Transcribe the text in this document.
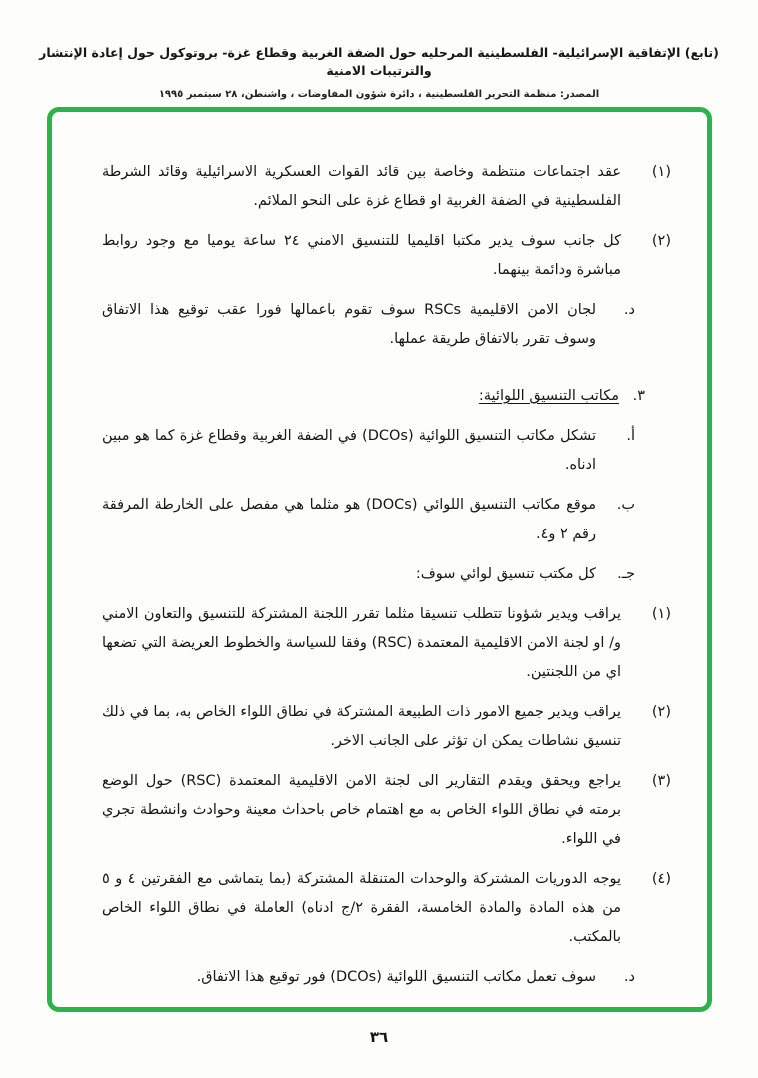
(تابع) الإتفاقية الإسرائيلية- الفلسطينية المرحليه حول الضفة الغربية وقطاع غزة- بروتوكول حول إعادة الإنتشار والترتيبات الامنية
المصدر: منظمة التحرير الفلسطينية ، دائرة شؤون المفاوضات ، واشنطن، ٢٨ سبتمبر ١٩٩٥
(١)
عقد اجتماعات منتظمة وخاصة بين قائد القوات العسكرية الاسرائيلية وقائد الشرطة الفلسطينية في الضفة الغربية او قطاع غزة على النحو الملائم.
(٢)
كل جانب سوف يدير مكتبا اقليميا للتنسيق الامني ٢٤ ساعة يوميا مع وجود روابط مباشرة ودائمة بينهما.
د.
لجان الامن الاقليمية RSCs سوف تقوم باعمالها فورا عقب توقيع هذا الاتفاق وسوف تقرر بالاتفاق طريقة عملها.
٣.
مكاتب التنسيق اللوائية:
أ.
تشكل مكاتب التنسيق اللوائية (DCOs) في الضفة الغربية وقطاع غزة كما هو مبين ادناه.
ب.
موقع مكاتب التنسيق اللوائي (DOCs) هو مثلما هي مفصل على الخارطة المرفقة رقم ٢ و٤.
جـ.
كل مكتب تنسيق لوائي سوف:
(١)
يراقب ويدير شؤونا تتطلب تنسيقا مثلما تقرر اللجنة المشتركة للتنسيق والتعاون الامني و/ او لجنة الامن الاقليمية المعتمدة (RSC) وفقا للسياسة والخطوط العريضة التي تضعها اي من اللجنتين.
(٢)
يراقب ويدير جميع الامور ذات الطبيعة المشتركة في نطاق اللواء الخاص به، بما في ذلك تنسيق نشاطات يمكن ان تؤثر على الجانب الاخر.
(٣)
يراجع ويحقق ويقدم التقارير الى لجنة الامن الاقليمية المعتمدة (RSC) حول الوضع برمته في نطاق اللواء الخاص به مع اهتمام خاص باحداث معينة وحوادث وانشطة تجري في اللواء.
(٤)
يوجه الدوريات المشتركة والوحدات المتنقلة المشتركة (بما يتماشى مع الفقرتين ٤ و ٥ من هذه المادة والمادة الخامسة، الفقرة ٢/ج ادناه) العاملة في نطاق اللواء الخاص بالمكتب.
د.
سوف تعمل مكاتب التنسيق اللوائية (DCOs) فور توقيع هذا الاتفاق.
٣٦
